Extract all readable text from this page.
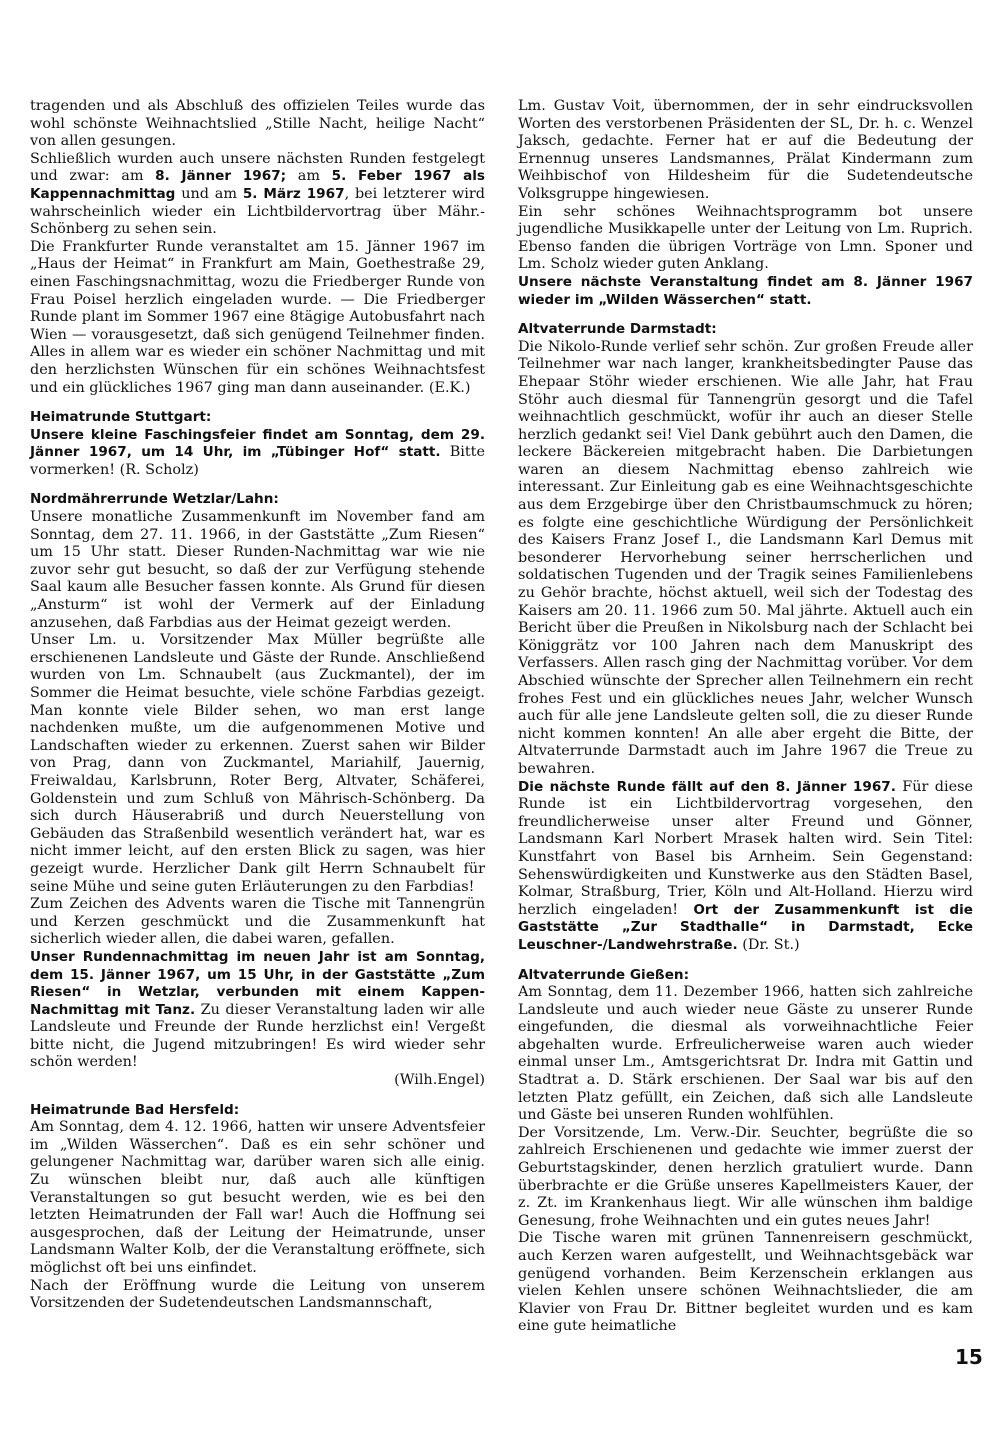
tragenden und als Abschluß des offizielen Teiles wurde das wohl schönste Weihnachtslied „Stille Nacht, heilige Nacht“ von allen gesungen.

Schließlich wurden auch unsere nächsten Runden festgelegt und zwar: am 8. Jänner 1967; am 5. Feber 1967 als Kappennachmittag und am 5. März 1967, bei letzterer wird wahrscheinlich wieder ein Lichtbildervortrag über Mähr.-Schönberg zu sehen sein.

Die Frankfurter Runde veranstaltet am 15. Jänner 1967 im „Haus der Heimat“ in Frankfurt am Main, Goethestraße 29, einen Faschingsnachmittag, wozu die Friedberger Runde von Frau Poisel herzlich eingeladen wurde. — Die Friedberger Runde plant im Sommer 1967 eine 8tägige Autobusfahrt nach Wien — vorausgesetzt, daß sich genügend Teilnehmer finden. Alles in allem war es wieder ein schöner Nachmittag und mit den herzlichsten Wünschen für ein schönes Weihnachtsfest und ein glückliches 1967 ging man dann auseinander. (E.K.)

Heimatrunde Stuttgart:

Unsere kleine Faschingsfeier findet am Sonntag, dem 29. Jänner 1967, um 14 Uhr, im „Tübinger Hof“ statt. Bitte vormerken! (R. Scholz)

Nordmährerrunde Wetzlar/Lahn:

Unsere monatliche Zusammenkunft im November fand am Sonntag, dem 27. 11. 1966, in der Gaststätte „Zum Riesen“ um 15 Uhr statt. Dieser Runden-Nachmittag war wie nie zuvor sehr gut besucht, so daß der zur Verfügung stehende Saal kaum alle Besucher fassen konnte. Als Grund für diesen „Ansturm“ ist wohl der Vermerk auf der Einladung anzusehen, daß Farbdias aus der Heimat gezeigt werden.

Unser Lm. u. Vorsitzender Max Müller begrüßte alle erschienenen Landsleute und Gäste der Runde. Anschließend wurden von Lm. Schnaubelt (aus Zuckmantel), der im Sommer die Heimat besuchte, viele schöne Farbdias gezeigt. Man konnte viele Bilder sehen, wo man erst lange nachdenken mußte, um die aufgenommenen Motive und Landschaften wieder zu erkennen. Zuerst sahen wir Bilder von Prag, dann von Zuckmantel, Mariahilf, Jauernig, Freiwaldau, Karlsbrunn, Roter Berg, Altvater, Schäferei, Goldenstein und zum Schluß von Mährisch-Schönberg. Da sich durch Häuserabriß und durch Neuerstellung von Gebäuden das Straßenbild wesentlich verändert hat, war es nicht immer leicht, auf den ersten Blick zu sagen, was hier gezeigt wurde. Herzlicher Dank gilt Herrn Schnaubelt für seine Mühe und seine guten Erläuterungen zu den Farbdias!

Zum Zeichen des Advents waren die Tische mit Tannengrün und Kerzen geschmückt und die Zusammenkunft hat sicherlich wieder allen, die dabei waren, gefallen.

Unser Rundennachmittag im neuen Jahr ist am Sonntag, dem 15. Jänner 1967, um 15 Uhr, in der Gaststätte „Zum Riesen“ in Wetzlar, verbunden mit einem Kappen-Nachmittag mit Tanz. Zu dieser Veranstaltung laden wir alle Landsleute und Freunde der Runde herzlichst ein! Vergeßt bitte nicht, die Jugend mitzubringen! Es wird wieder sehr schön werden!

(Wilh.Engel)

Heimatrunde Bad Hersfeld:

Am Sonntag, dem 4. 12. 1966, hatten wir unsere Adventsfeier im „Wilden Wässerchen“. Daß es ein sehr schöner und gelungener Nachmittag war, darüber waren sich alle einig. Zu wünschen bleibt nur, daß auch alle künftigen Veranstaltungen so gut besucht werden, wie es bei den letzten Heimatrunden der Fall war! Auch die Hoffnung sei ausgesprochen, daß der Leitung der Heimatrunde, unser Landsmann Walter Kolb, der die Veranstaltung eröffnete, sich möglichst oft bei uns einfindet.

Nach der Eröffnung wurde die Leitung von unserem Vorsitzenden der Sudetendeutschen Landsmannschaft,

Lm. Gustav Voit, übernommen, der in sehr eindrucksvollen Worten des verstorbenen Präsidenten der SL, Dr. h. c. Wenzel Jaksch, gedachte. Ferner hat er auf die Bedeutung der Ernennug unseres Landsmannes, Prälat Kindermann zum Weihbischof von Hildesheim für die Sudetendeutsche Volksgruppe hingewiesen.

Ein sehr schönes Weihnachtsprogramm bot unsere jugendliche Musikkapelle unter der Leitung von Lm. Ruprich. Ebenso fanden die übrigen Vorträge von Lmn. Sponer und Lm. Scholz wieder guten Anklang.

Unsere nächste Veranstaltung findet am 8. Jänner 1967 wieder im „Wilden Wässerchen“ statt.

Altvaterrunde Darmstadt:

Die Nikolo-Runde verlief sehr schön. Zur großen Freude aller Teilnehmer war nach langer, krankheitsbedingter Pause das Ehepaar Stöhr wieder erschienen. Wie alle Jahr, hat Frau Stöhr auch diesmal für Tannengrün gesorgt und die Tafel weihnachtlich geschmückt, wofür ihr auch an dieser Stelle herzlich gedankt sei! Viel Dank gebührt auch den Damen, die leckere Bäckereien mitgebracht haben. Die Darbietungen waren an diesem Nachmittag ebenso zahlreich wie interessant. Zur Einleitung gab es eine Weihnachtsgeschichte aus dem Erzgebirge über den Christbaumschmuck zu hören; es folgte eine geschichtliche Würdigung der Persönlichkeit des Kaisers Franz Josef I., die Landsmann Karl Demus mit besonderer Hervorhebung seiner herrscherlichen und soldatischen Tugenden und der Tragik seines Familienlebens zu Gehör brachte, höchst aktuell, weil sich der Todestag des Kaisers am 20. 11. 1966 zum 50. Mal jährte. Aktuell auch ein Bericht über die Preußen in Nikolsburg nach der Schlacht bei Königgrätz vor 100 Jahren nach dem Manuskript des Verfassers. Allen rasch ging der Nachmittag vorüber. Vor dem Abschied wünschte der Sprecher allen Teilnehmern ein recht frohes Fest und ein glückliches neues Jahr, welcher Wunsch auch für alle jene Landsleute gelten soll, die zu dieser Runde nicht kommen konnten! An alle aber ergeht die Bitte, der Altvaterrunde Darmstadt auch im Jahre 1967 die Treue zu bewahren.

Die nächste Runde fällt auf den 8. Jänner 1967. Für diese Runde ist ein Lichtbildervortrag vorgesehen, den freundlicherweise unser alter Freund und Gönner, Landsmann Karl Norbert Mrasek halten wird. Sein Titel: Kunstfahrt von Basel bis Arnheim. Sein Gegenstand: Sehenswürdigkeiten und Kunstwerke aus den Städten Basel, Kolmar, Straßburg, Trier, Köln und Alt-Holland. Hierzu wird herzlich eingeladen! Ort der Zusammenkunft ist die Gaststätte „Zur Stadthalle“ in Darmstadt, Ecke Leuschner-/Landwehrstraße. (Dr. St.)

Altvaterrunde Gießen:

Am Sonntag, dem 11. Dezember 1966, hatten sich zahlreiche Landsleute und auch wieder neue Gäste zu unserer Runde eingefunden, die diesmal als vorweihnachtliche Feier abgehalten wurde. Erfreulicherweise waren auch wieder einmal unser Lm., Amtsgerichtsrat Dr. Indra mit Gattin und Stadtrat a. D. Stärk erschienen. Der Saal war bis auf den letzten Platz gefüllt, ein Zeichen, daß sich alle Landsleute und Gäste bei unseren Runden wohlfühlen.

Der Vorsitzende, Lm. Verw.-Dir. Seuchter, begrüßte die so zahlreich Erschienenen und gedachte wie immer zuerst der Geburtstagskinder, denen herzlich gratuliert wurde. Dann überbrachte er die Grüße unseres Kapellmeisters Kauer, der z. Zt. im Krankenhaus liegt. Wir alle wünschen ihm baldige Genesung, frohe Weihnachten und ein gutes neues Jahr!

Die Tische waren mit grünen Tannenreisern geschmückt, auch Kerzen waren aufgestellt, und Weihnachtsgebäck war genügend vorhanden. Beim Kerzenschein erklangen aus vielen Kehlen unsere schönen Weihnachtslieder, die am Klavier von Frau Dr. Bittner begleitet wurden und es kam eine gute heimatliche

15
